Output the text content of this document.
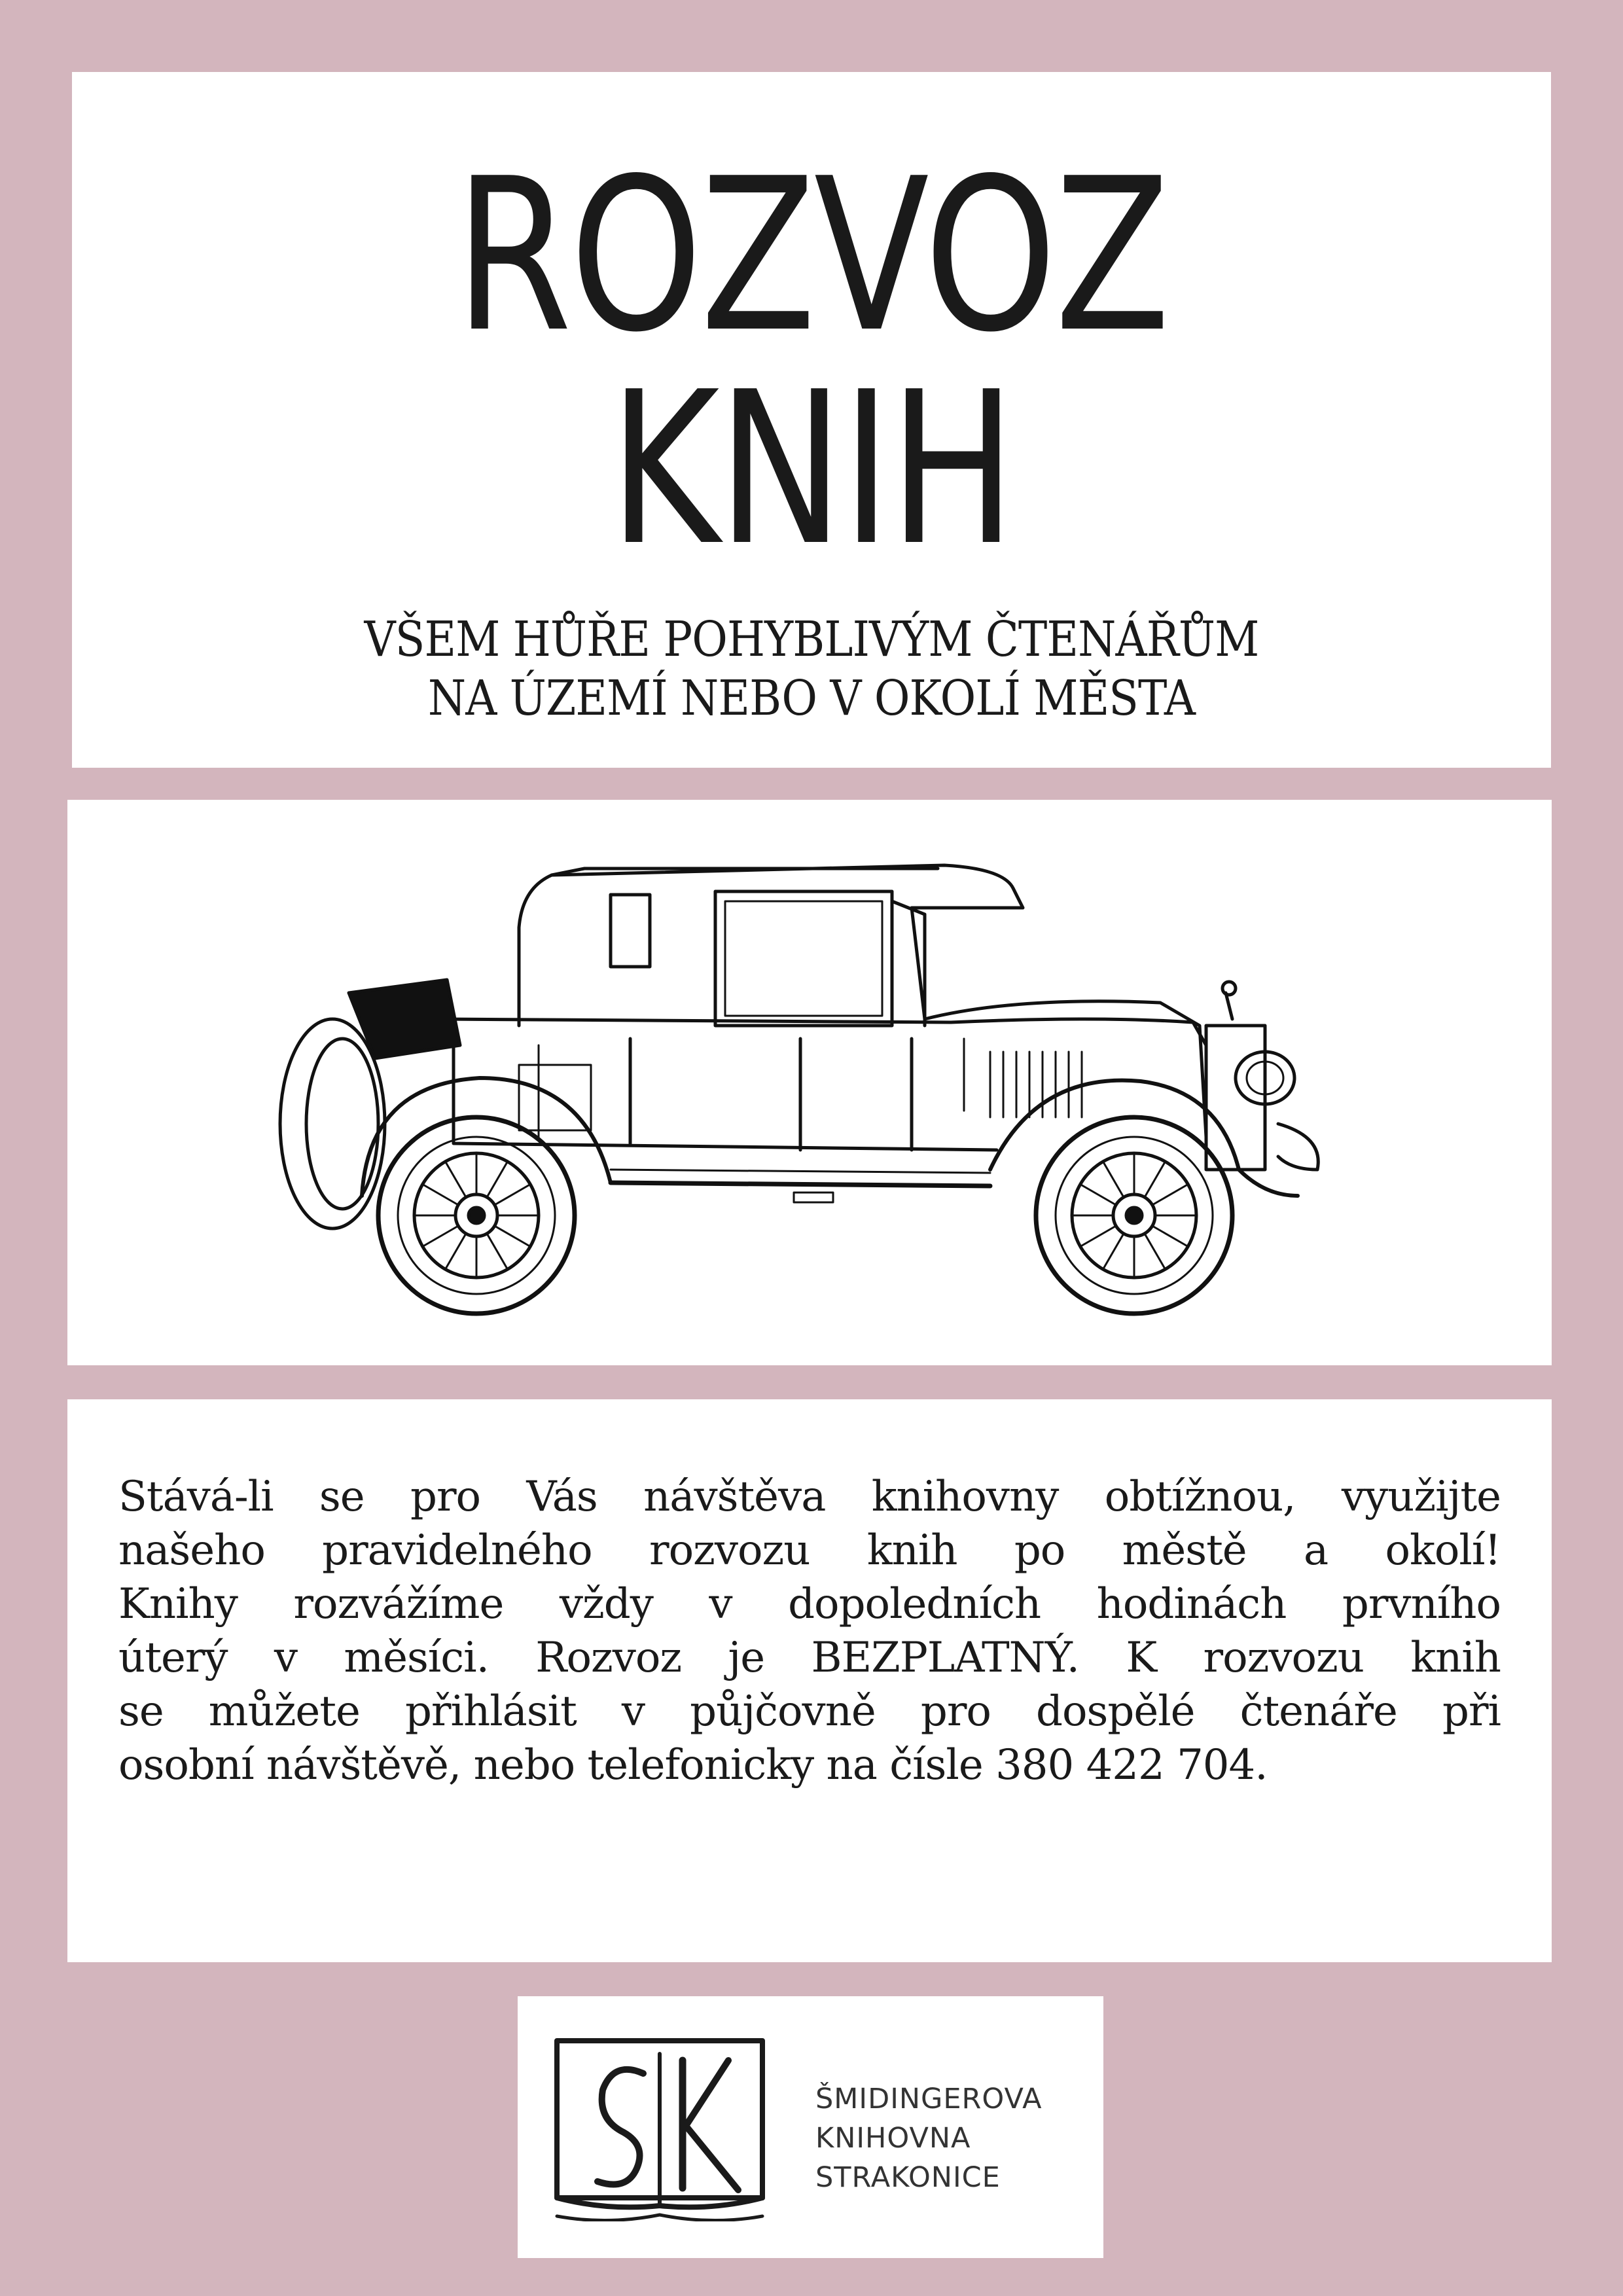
ROZVOZ
KNIH
VŠEM HŮŘE POHYBLIVÝM ČTENÁŘŮM
NA ÚZEMÍ NEBO V OKOLÍ MĚSTA
Stává-li se pro Vás návštěva knihovny obtížnou, využijte
našeho pravidelného rozvozu knih po městě a okolí!
Knihy rozvážíme vždy v dopoledních hodinách prvního
úterý v měsíci. Rozvoz je BEZPLATNÝ. K rozvozu knih
se můžete přihlásit v půjčovně pro dospělé čtenáře při
osobní návštěvě, nebo telefonicky na čísle 380 422 704.
ŠMIDINGEROVA
KNIHOVNA
STRAKONICE
